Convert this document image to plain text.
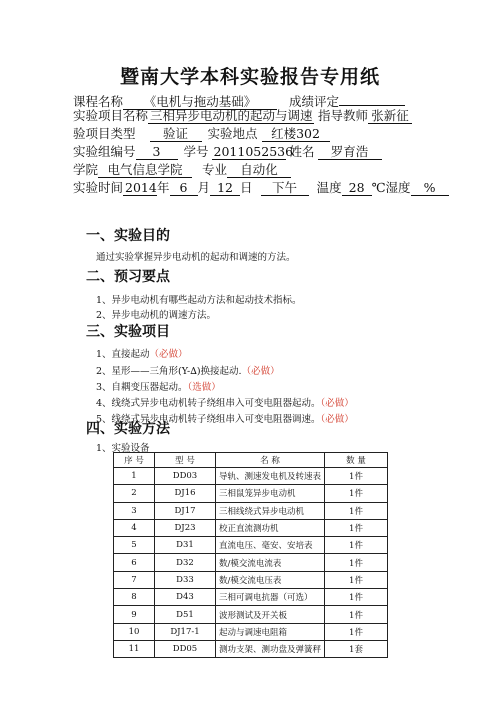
暨南大学本科实验报告专用纸
课程名称 《电机与拖动基础》	成绩评定
实验项目名称 三相异步电动机的起动与调速 指导教师 张新征
验项目类型 验证 实验地点 红楼302
实验组编号 3 学号 2011052536姓名 罗育浩
学院 电气信息学院 专业 自动化
实验时间 2014年 6 月 12 日 下午 温度 28 ℃湿度 %
一、实验目的
通过实验掌握异步电动机的起动和调速的方法。
二、预习要点
1、异步电动机有哪些起动方法和起动技术指标。
2、异步电动机的调速方法。
三、实验项目
1、直接起动（必做）
2、星形——三角形(Y-∆)换接起动.（必做）
3、自耦变压器起动。（选做）
4、线绕式异步电动机转子绕组串入可变电阻器起动。（必做）
5、线绕式异步电动机转子绕组串入可变电阻器调速。（必做）
四、实验方法
1、实验设备
序 号	型 号	名 称	数 量
1	DD03	导轨、测速发电机及转速表	1件
2	DJ16	三相鼠笼异步电动机	1件
3	DJ17	三相线绕式异步电动机	1件
4	DJ23	校正直流测功机	1件
5	D31	直流电压、毫安、安培表	1件
6	D32	数/模交流电流表	1件
7	D33	数/模交流电压表	1件
8	D43	三相可调电抗器（可选）	1件
9	D51	波形测试及开关板	1件
10	DJ17-1	起动与调速电阻箱	1件
11	DD05	测功支架、测功盘及弹簧秤	1套
